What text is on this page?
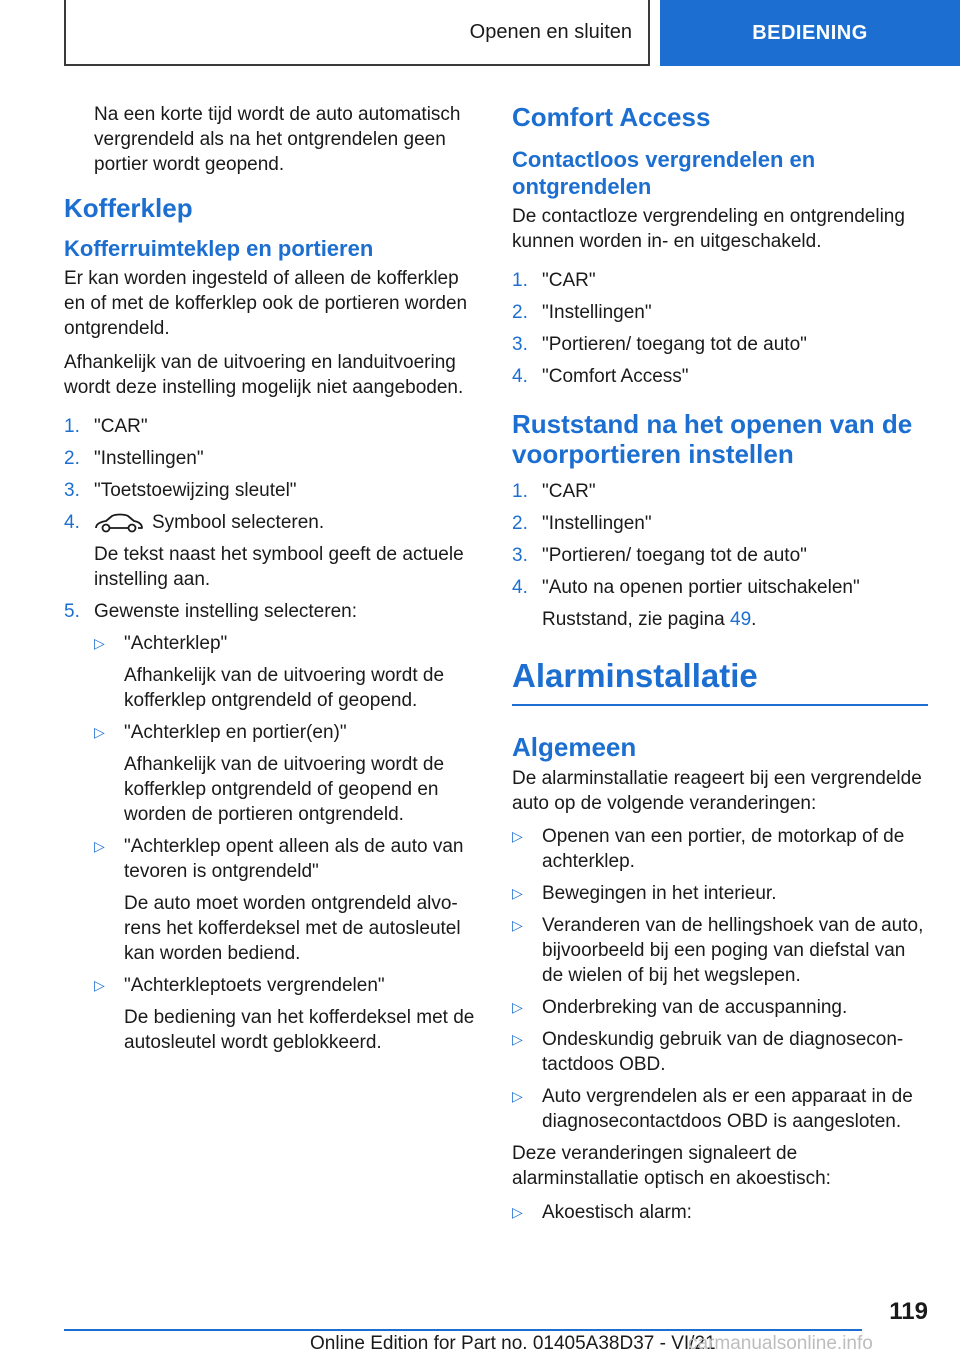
Openen en sluiten	BEDIENING

Na een korte tijd wordt de auto automatisch vergrendeld als na het ontgrendelen geen portier wordt geopend.

Kofferklep
Kofferruimteklep en portieren

Er kan worden ingesteld of alleen de kofferklep en of met de kofferklep ook de portieren worden ontgrendeld.

Afhankelijk van de uitvoering en landuitvoering wordt deze instelling mogelijk niet aangeboden.

1. "CAR"
2. "Instellingen"
3. "Toetstoewijzing sleutel"
4.	Symbool selecteren.

De tekst naast het symbool geeft de actuele instelling aan.

5. Gewenste instelling selecteren:
▷	"Achterklep"

Afhankelijk van de uitvoering wordt de kofferklep ontgrendeld of geopend.

▷	"Achterklep en portier(en)"

Afhankelijk van de uitvoering wordt de kofferklep ontgrendeld of geopend en worden de portieren ontgrendeld.

▷	"Achterklep opent alleen als de auto van tevoren is ontgrendeld"

De auto moet worden ontgrendeld alvo-rens het kofferdeksel met de autosleutel kan worden bediend.

▷	"Achterkleptoets vergrendelen"

De bediening van het kofferdeksel met de autosleutel wordt geblokkeerd.

Comfort Access
Contactloos vergrendelen en ontgrendelen

De contactloze vergrendeling en ontgrendeling kunnen worden in- en uitgeschakeld.

1. "CAR"
2. "Instellingen"
3. "Portieren/ toegang tot de auto"
4. "Comfort Access"
Ruststand na het openen van de voorportieren instellen
1. "CAR"
2. "Instellingen"
3. "Portieren/ toegang tot de auto"
4. "Auto na openen portier uitschakelen"

Ruststand, zie pagina 49.

Alarminstallatie
Algemeen

De alarminstallatie reageert bij een vergrendelde auto op de volgende veranderingen:

▷	Openen van een portier, de motorkap of de achterklep.
▷	Bewegingen in het interieur.
▷	Veranderen van de hellingshoek van de auto, bijvoorbeeld bij een poging van diefstal van de wielen of bij het wegslepen.
▷	Onderbreking van de accuspanning.
▷	Ondeskundig gebruik van de diagnosecon-tactdoos OBD.
▷	Auto vergrendelen als er een apparaat in de diagnosecontactdoos OBD is aangesloten.

Deze veranderingen signaleert de alarminstallatie optisch en akoestisch:

▷	Akoestisch alarm:
119
Online Edition for Part no. 01405A38D37 - VI/21
carmanualsonline.info
